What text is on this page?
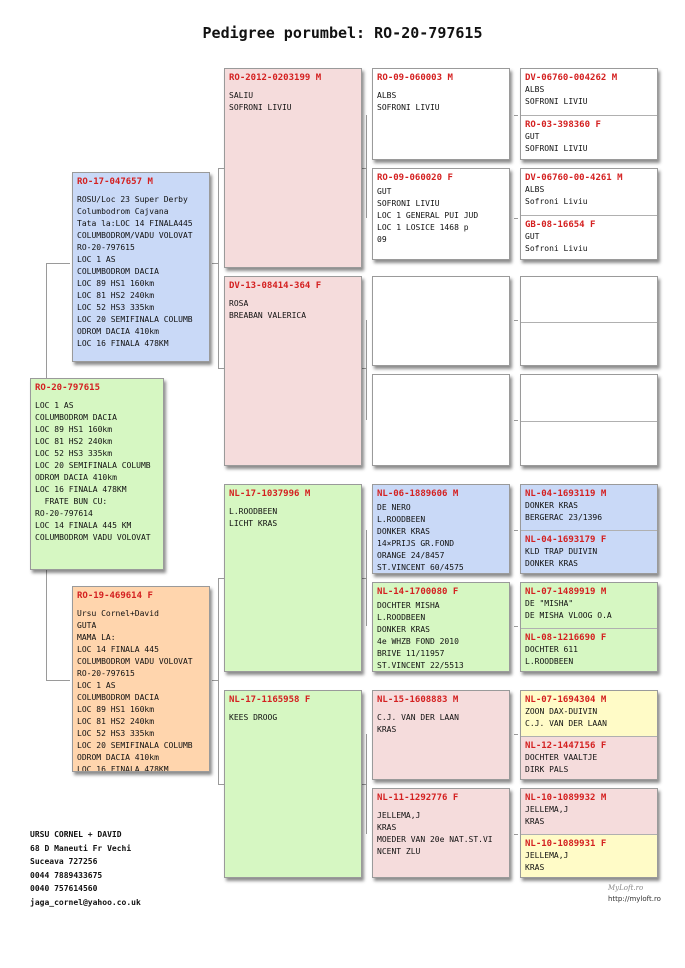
Pedigree porumbel: RO-20-797615
RO-20-797615
LOC 1 AS
COLUMBODROM DACIA
LOC 89 HS1 160km
LOC 81 HS2 240km
LOC 52 HS3 335km
LOC 20 SEMIFINALA COLUMB
ODROM DACIA 410km
LOC 16 FINALA 478KM
FRATE BUN CU:
RO-20-797614
LOC 14 FINALA 445 KM
COLUMBODROM VADU VOLOVAT
RO-17-047657 M
ROSU/Loc 23 Super Derby
Columbodrom Cajvana
Tata la:LOC 14 FINALA445
COLUMBODROM/VADU VOLOVAT
RO-20-797615
LOC 1 AS
COLUMBODROM DACIA
LOC 89 HS1 160km
LOC 81 HS2 240km
LOC 52 HS3 335km
LOC 20 SEMIFINALA COLUMB
ODROM DACIA 410km
LOC 16 FINALA 478KM
RO-19-469614 F
Ursu Cornel+David
GUTA
MAMA LA:
LOC 14 FINALA 445
COLUMBODROM VADU VOLOVAT
RO-20-797615
LOC 1 AS
COLUMBODROM DACIA
LOC 89 HS1 160km
LOC 81 HS2 240km
LOC 52 HS3 335km
LOC 20 SEMIFINALA COLUMB
ODROM DACIA 410km
LOC 16 FINALA 478KM
RO-2012-0203199 M
SALIU
SOFRONI LIVIU
DV-13-08414-364 F
ROSA
BREABAN VALERICA
NL-17-1037996 M
L.ROODBEEN
LICHT KRAS
NL-17-1165958 F
KEES DROOG
RO-09-060003 M
ALBS
SOFRONI LIVIU
RO-09-060020 F
GUT
SOFRONI LIVIU
LOC 1 GENERAL PUI JUD
LOC 1 LOSICE 1468 p
09
NL-06-1889606 M
DE NERO
L.ROODBEEN
DONKER KRAS
14×PRIJS GR.FOND
ORANGE 24/8457
ST.VINCENT 60/4575
NL-14-1700080 F
DOCHTER MISHA
L.ROODBEEN
DONKER KRAS
4e WHZB FOND 2010
BRIVE 11/11957
ST.VINCENT 22/5513
NL-15-1608883 M
C.J. VAN DER LAAN
KRAS
NL-11-1292776 F
JELLEMA,J
KRAS
MOEDER VAN 20e NAT.ST.VI
NCENT ZLU
DV-06760-004262 M
ALBS
SOFRONI LIVIU
RO-03-398360 F
GUT
SOFRONI LIVIU
DV-06760-00-4261 M
ALBS
Sofroni Liviu
GB-08-16654 F
GUT
Sofroni Liviu
NL-04-1693119 M
DONKER KRAS
BERGERAC 23/1396
NL-04-1693179 F
KLD TRAP DUIVIN
DONKER KRAS
NL-07-1489919 M
DE "MISHA"
DE MISHA VLOOG O.A
NL-08-1216690 F
DOCHTER 611
L.ROODBEEN
NL-07-1694304 M
ZOON DAX-DUIVIN
C.J. VAN DER LAAN
NL-12-1447156 F
DOCHTER VAALTJE
DIRK PALS
NL-10-1089932 M
JELLEMA,J
KRAS
NL-10-1089931 F
JELLEMA,J
KRAS
URSU CORNEL + DAVID
68 D Maneuti Fr Vechi
Suceava 727256
0044 7889433675
0040 757614560
jaga_cornel@yahoo.co.uk
MyLoft.ro
http://myloft.ro
